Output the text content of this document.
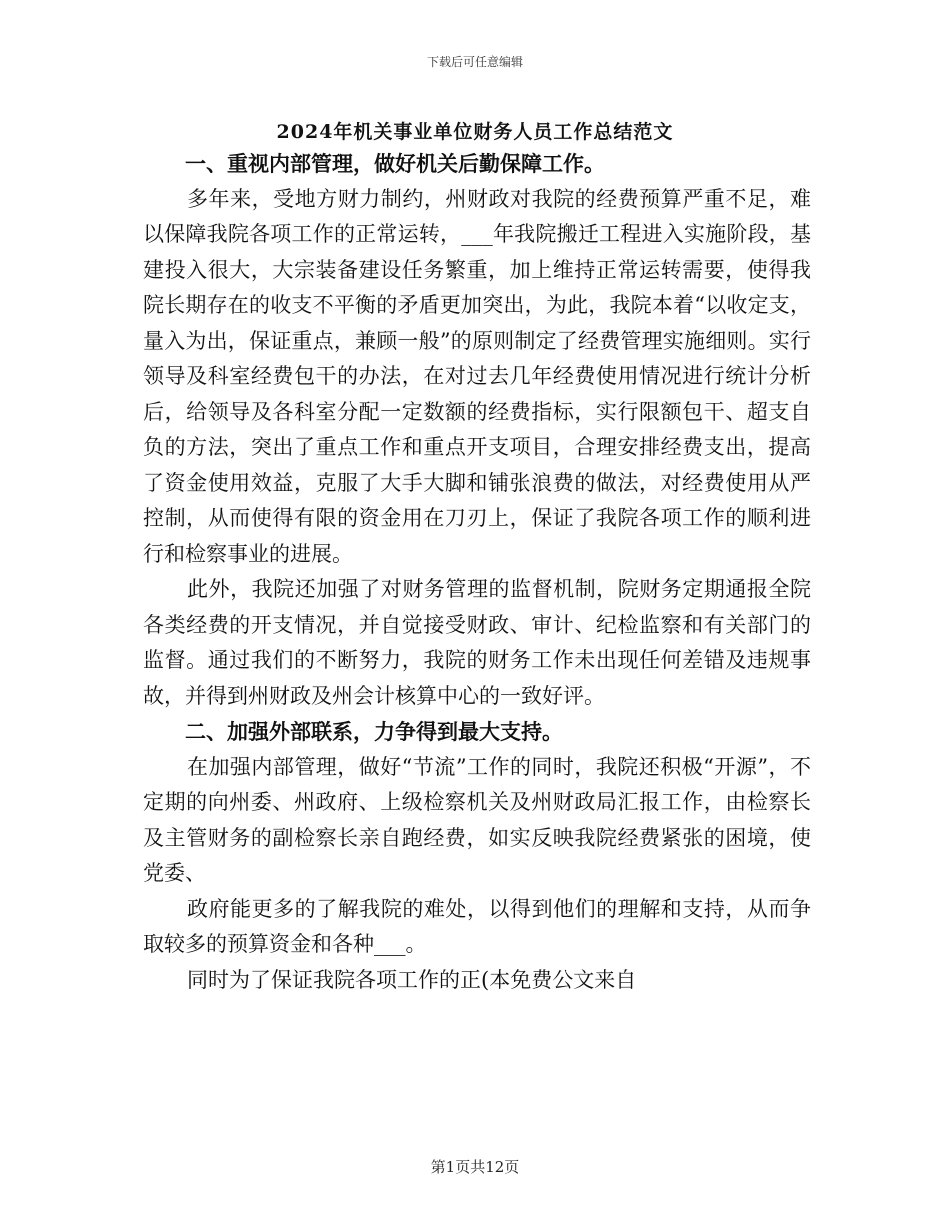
下载后可任意编辑
2024年机关事业单位财务人员工作总结范文

一、重视内部管理，做好机关后勤保障工作。

多年来，受地方财力制约，州财政对我院的经费预算严重不足，难以保障我院各项工作的正常运转，___年我院搬迁工程进入实施阶段，基建投入很大，大宗装备建设任务繁重，加上维持正常运转需要，使得我院长期存在的收支不平衡的矛盾更加突出，为此，我院本着“以收定支，量入为出，保证重点，兼顾一般”的原则制定了经费管理实施细则。实行领导及科室经费包干的办法，在对过去几年经费使用情况进行统计分析后，给领导及各科室分配一定数额的经费指标，实行限额包干、超支自负的方法，突出了重点工作和重点开支项目，合理安排经费支出，提高了资金使用效益，克服了大手大脚和铺张浪费的做法，对经费使用从严控制，从而使得有限的资金用在刀刃上，保证了我院各项工作的顺利进行和检察事业的进展。

此外，我院还加强了对财务管理的监督机制，院财务定期通报全院各类经费的开支情况，并自觉接受财政、审计、纪检监察和有关部门的监督。通过我们的不断努力，我院的财务工作未出现任何差错及违规事故，并得到州财政及州会计核算中心的一致好评。

二、加强外部联系，力争得到最大支持。

在加强内部管理，做好“节流”工作的同时，我院还积极“开源”，不定期的向州委、州政府、上级检察机关及州财政局汇报工作，由检察长及主管财务的副检察长亲自跑经费，如实反映我院经费紧张的困境，使党委、

政府能更多的了解我院的难处，以得到他们的理解和支持，从而争取较多的预算资金和各种___。

同时为了保证我院各项工作的正(本免费公文来自

第1页共12页
